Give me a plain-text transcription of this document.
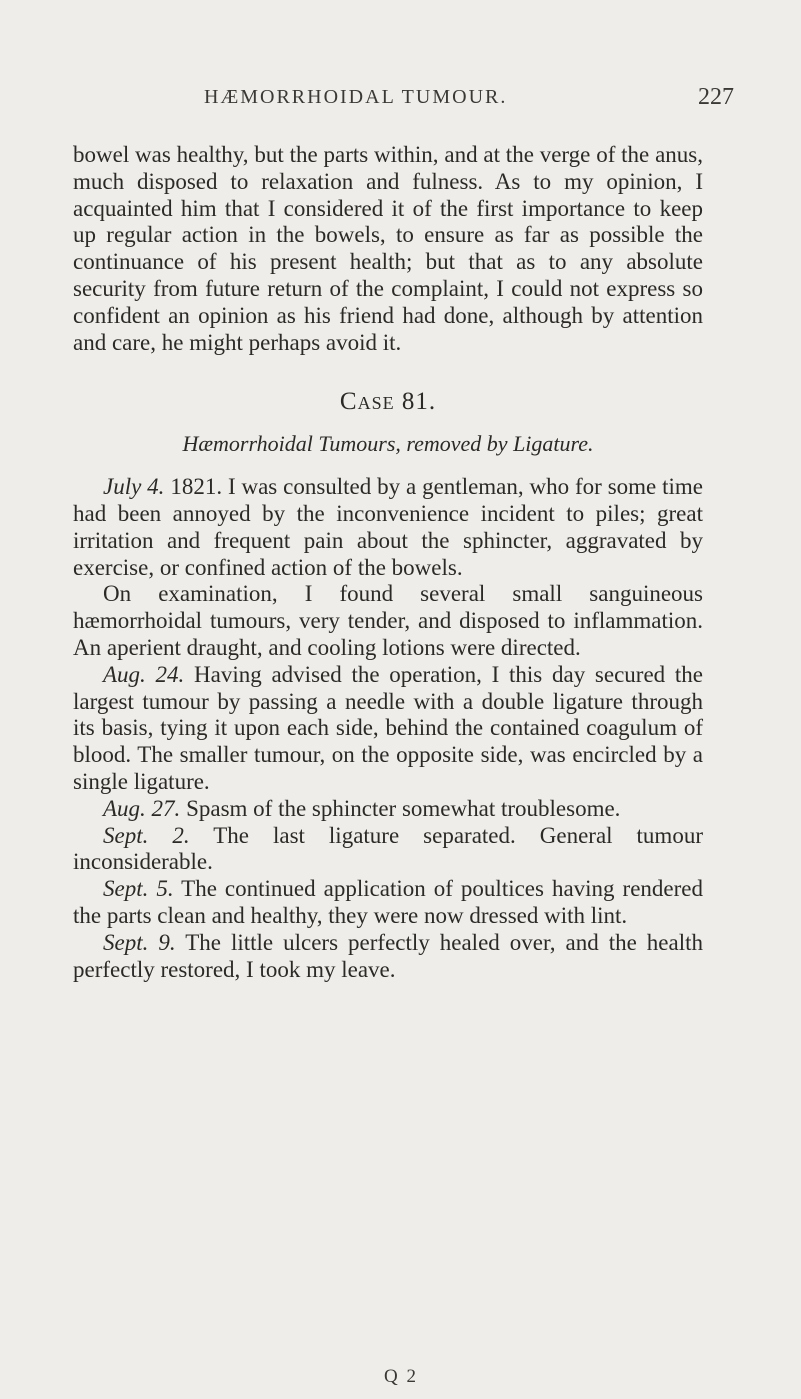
HÆMORRHOIDAL TUMOUR.	227

bowel was healthy, but the parts within, and at the verge of the anus, much disposed to relaxation and fulness. As to my opinion, I acquainted him that I considered it of the first importance to keep up regular action in the bowels, to ensure as far as possible the continuance of his present health; but that as to any absolute security from future return of the complaint, I could not express so confident an opinion as his friend had done, although by attention and care, he might perhaps avoid it.

Case 81.
Hæmorrhoidal Tumours, removed by Ligature.

July 4. 1821. I was consulted by a gentleman, who for some time had been annoyed by the inconvenience incident to piles; great irritation and frequent pain about the sphincter, aggravated by exercise, or confined action of the bowels.

On examination, I found several small sanguineous hæmorrhoidal tumours, very tender, and disposed to inflammation. An aperient draught, and cooling lotions were directed.

Aug. 24. Having advised the operation, I this day secured the largest tumour by passing a needle with a double ligature through its basis, tying it upon each side, behind the contained coagulum of blood. The smaller tumour, on the opposite side, was encircled by a single ligature.

Aug. 27. Spasm of the sphincter somewhat troublesome.

Sept. 2. The last ligature separated. General tumour inconsiderable.

Sept. 5. The continued application of poultices having rendered the parts clean and healthy, they were now dressed with lint.

Sept. 9. The little ulcers perfectly healed over, and the health perfectly restored, I took my leave.

Q 2
